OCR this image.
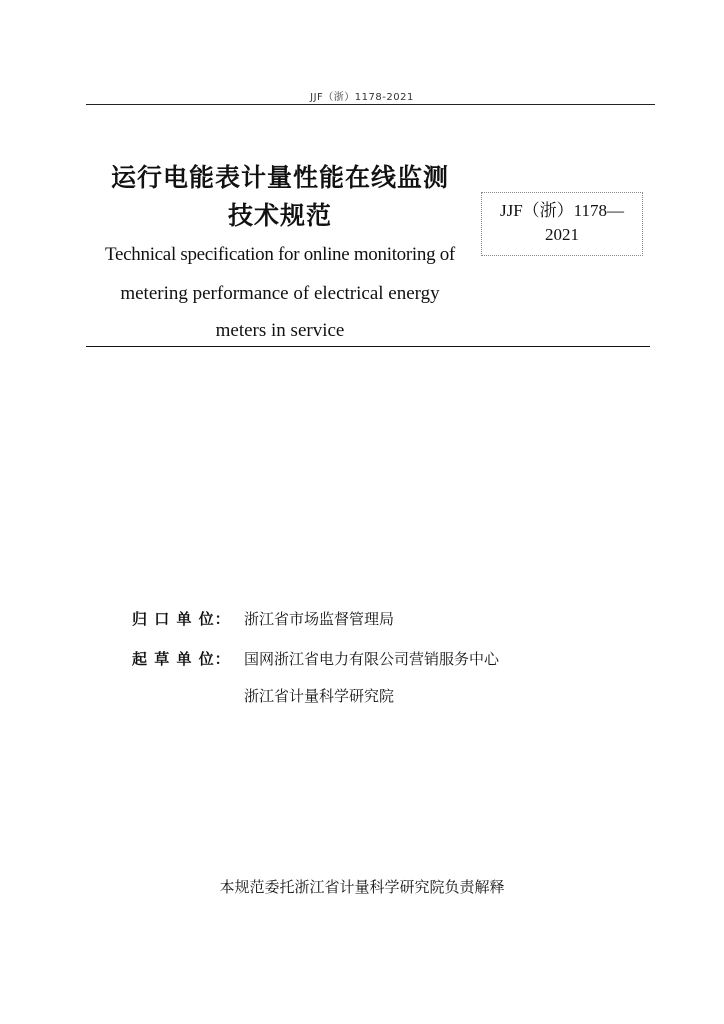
JJF（浙）1178-2021
运行电能表计量性能在线监测
技术规范	JJF（浙）1178—
2021
Technical specification for online monitoring of
metering performance of electrical energy
meters in service
归 口 单 位： 浙江省市场监督管理局
起 草 单 位： 国网浙江省电力有限公司营销服务中心
浙江省计量科学研究院
本规范委托浙江省计量科学研究院负责解释
